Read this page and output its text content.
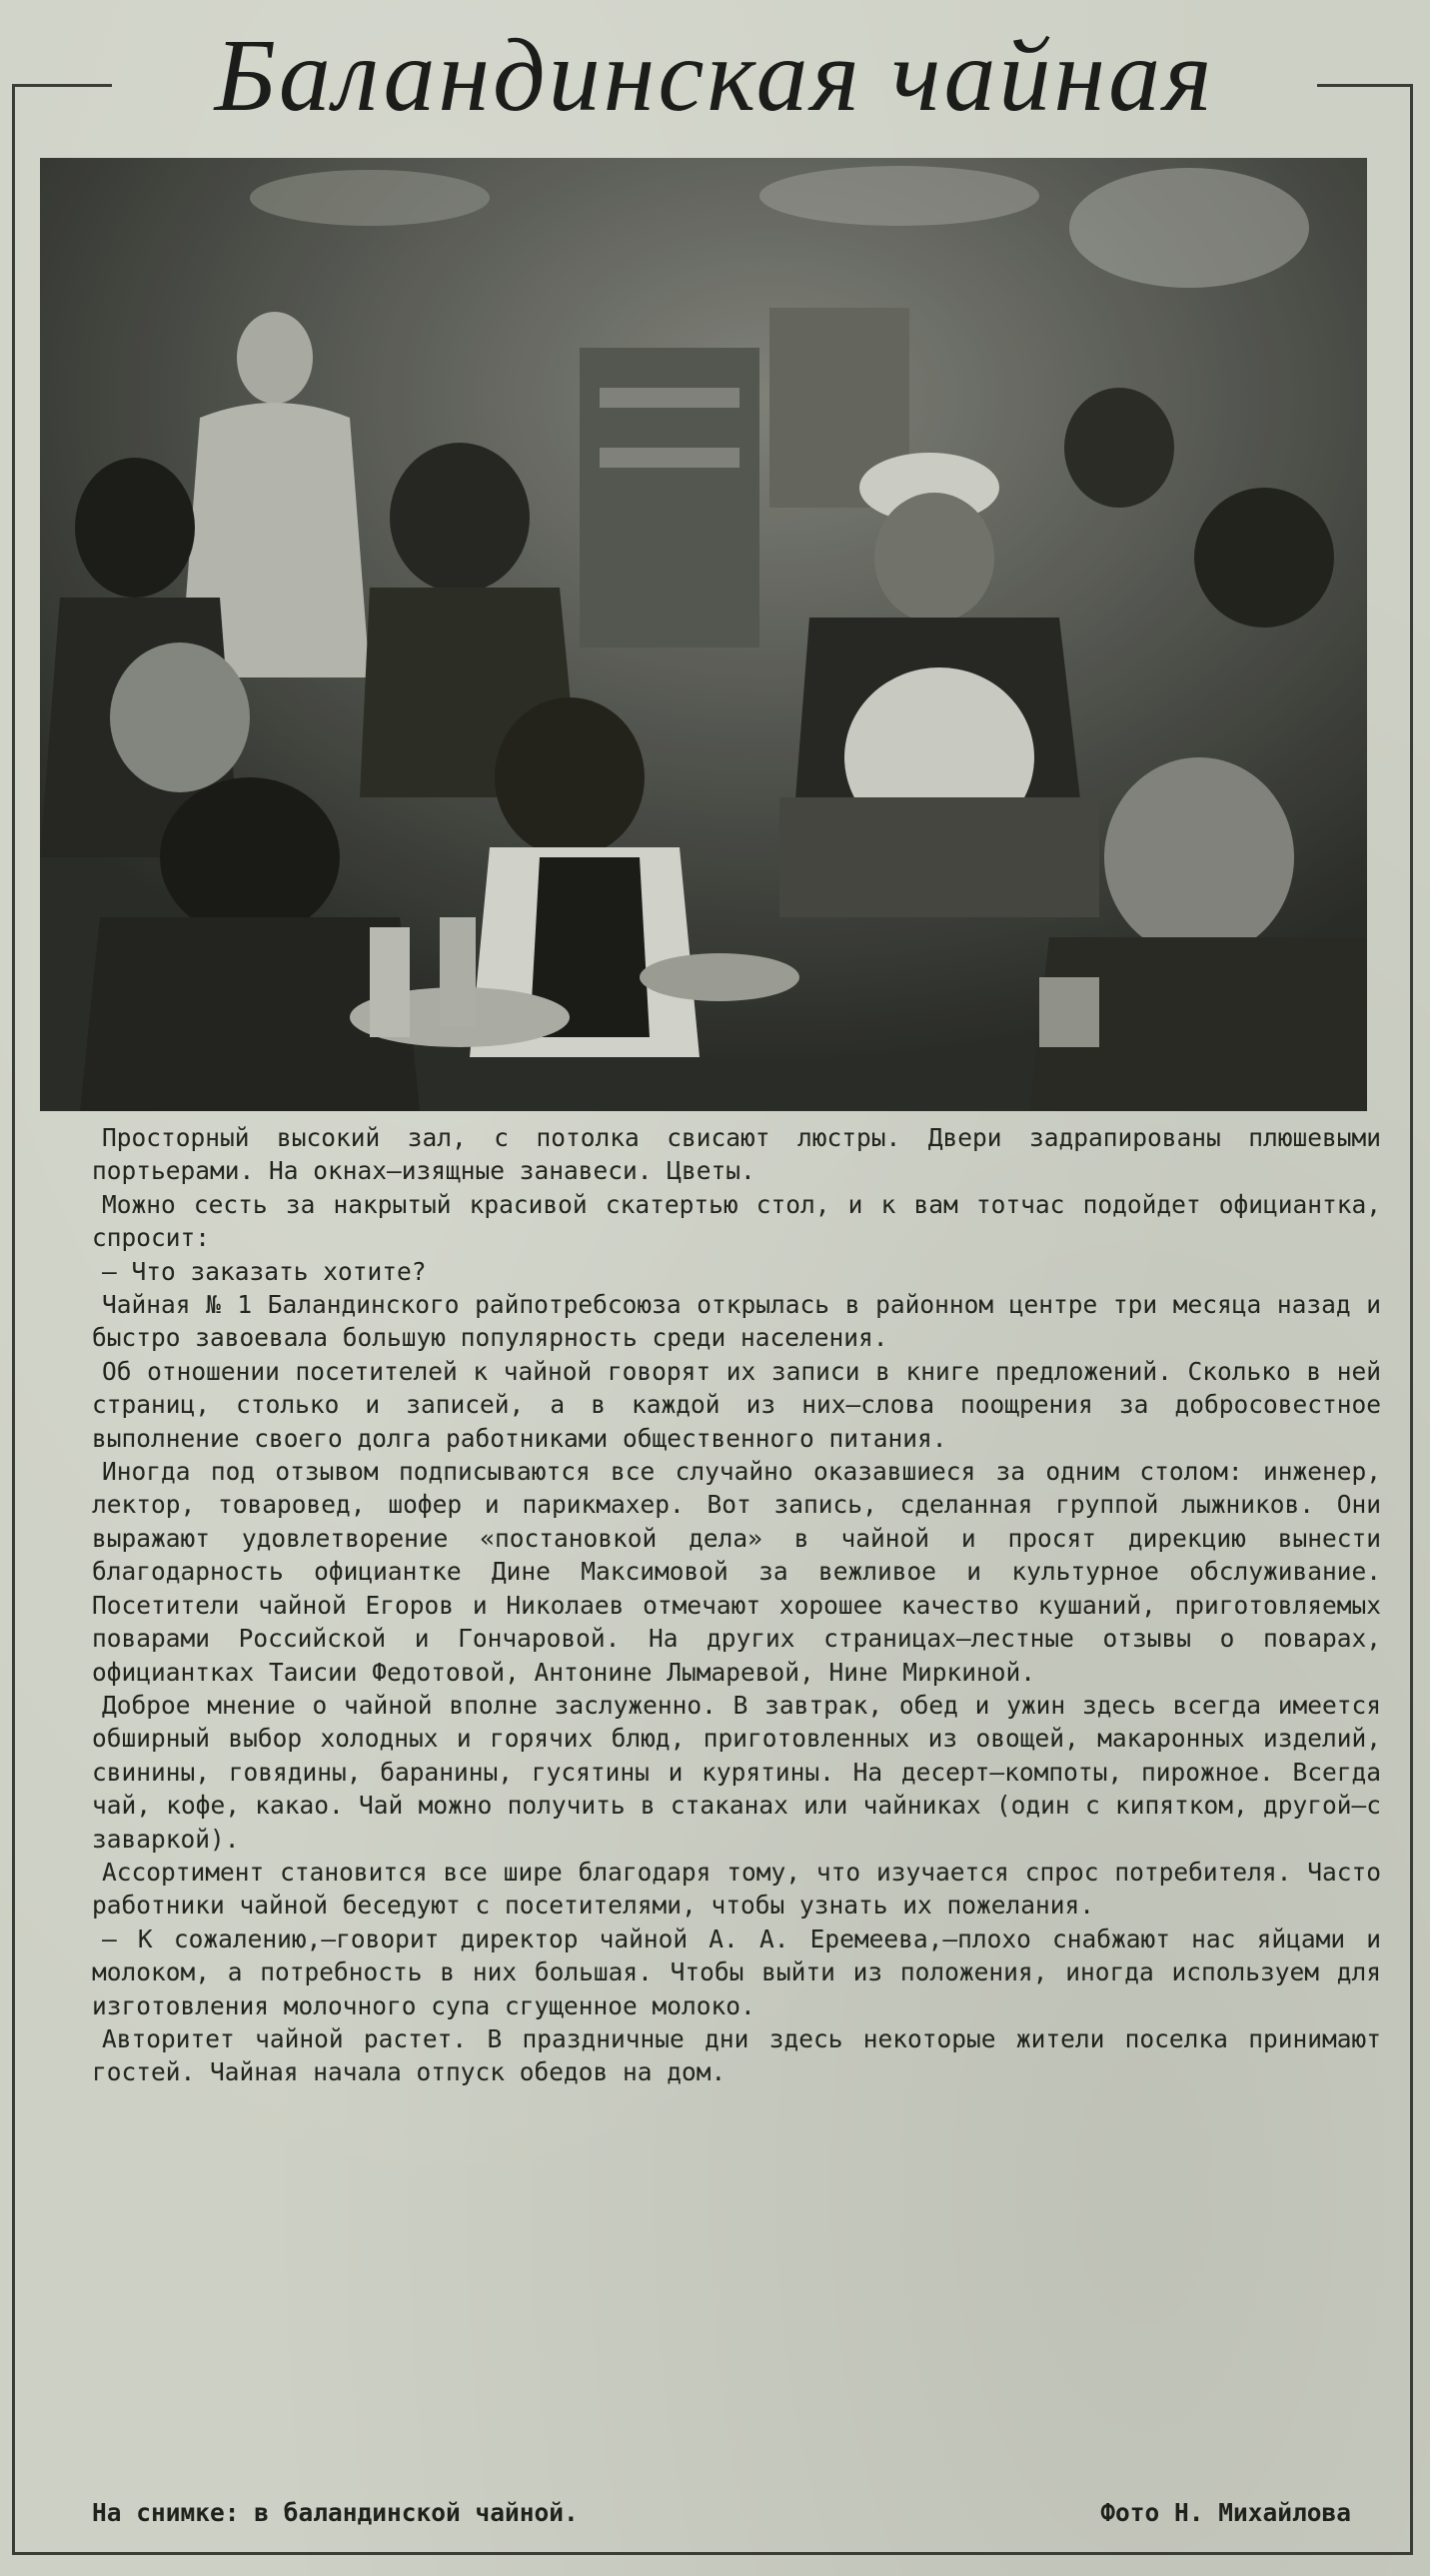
Баландинская чайная

Просторный высокий зал, с потолка свисают люстры. Двери задрапированы плюшевыми портьерами. На окнах—изящные занавеси. Цветы.

Можно сесть за накрытый красивой скатертью стол, и к вам тотчас подойдет официантка, спросит:

— Что заказать хотите?

Чайная № 1 Баландинского райпотребсоюза открылась в районном центре три месяца назад и быстро завоевала большую популярность среди населения.

Об отношении посетителей к чайной говорят их записи в книге предложений. Сколько в ней страниц, столько и записей, а в каждой из них—слова поощрения за добросовестное выполнение своего долга работниками общественного питания.

Иногда под отзывом подписываются все случайно оказавшиеся за одним столом: инженер, лектор, товаровед, шофер и парикмахер. Вот запись, сделанная группой лыжников. Они выражают удовлетворение «постановкой дела» в чайной и просят дирекцию вынести благодарность официантке Дине Максимовой за вежливое и культурное обслуживание. Посетители чайной Егоров и Николаев отмечают хорошее качество кушаний, приготовляемых поварами Российской и Гончаровой. На других страницах—лестные отзывы о поварах, официантках Таисии Федотовой, Антонине Лымаревой, Нине Миркиной.

Доброе мнение о чайной вполне заслуженно. В завтрак, обед и ужин здесь всегда имеется обширный выбор холодных и горячих блюд, приготовленных из овощей, макаронных изделий, свинины, говядины, баранины, гусятины и курятины. На десерт—компоты, пирожное. Всегда чай, кофе, какао. Чай можно получить в стаканах или чайниках (один с кипятком, другой—с заваркой).

Ассортимент становится все шире благодаря тому, что изучается спрос потребителя. Часто работники чайной беседуют с посетителями, чтобы узнать их пожелания.

— К сожалению,—говорит директор чайной А. А. Еремеева,—плохо снабжают нас яйцами и молоком, а потребность в них большая. Чтобы выйти из положения, иногда используем для изготовления молочного супа сгущенное молоко.

Авторитет чайной растет. В праздничные дни здесь некоторые жители поселка принимают гостей. Чайная начала отпуск обедов на дом.

На снимке: в баландинской чайной.	Фото Н. Михайлова
